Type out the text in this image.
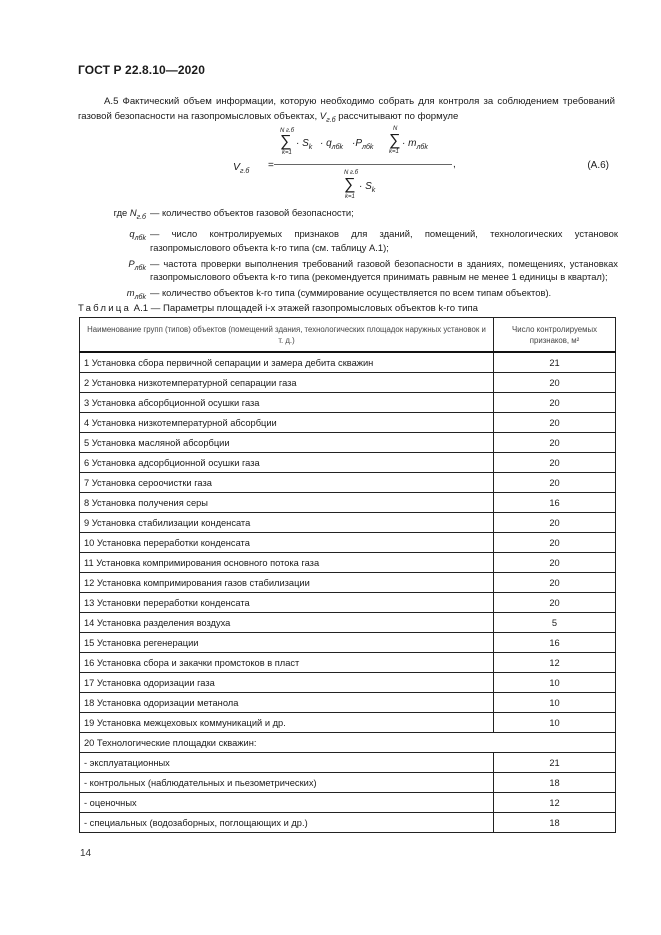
ГОСТ Р 22.8.10—2020
А.5 Фактический объем информации, которую необходимо собрать для контроля за соблюдением требований газовой безопасности на газопромысловых объектах, $V_{г.б}$ рассчитывают по формуле
$V_{г.б}$
=
N г.б
∑
k=1
· $S_k \cdot q_{лбk} \cdot P_{лбk}$
N
∑
k=1
· $m_{лбk}$
,
N г.б
∑
k=1
· $S_k$
(А.6)
где $N_{г.б}$ — количество объектов газовой безопасности;
$q_{лбk}$ — число контролируемых признаков для зданий, помещений, технологических установок газопромыслового объекта k-го типа (см. таблицу А.1);
$P_{лбk}$ — частота проверки выполнения требований газовой безопасности в зданиях, помещениях, установках газопромыслового объекта k-го типа (рекомендуется принимать равным не менее 1 единицы в квартал);
$m_{лбk}$ — количество объектов k-го типа (суммирование осуществляется по всем типам объектов).
Таблица А.1 — Параметры площадей i-х этажей газопромысловых объектов k-го типа
Наименование групп (типов) объектов (помещений здания, технологических площадок наружных установок и т. д.)	Число контролируемых признаков, м²
1 Установка сбора первичной сепарации и замера дебита скважин	21
2 Установка низкотемпературной сепарации газа	20
3 Установка абсорбционной осушки газа	20
4 Установка низкотемпературной абсорбции	20
5 Установка масляной абсорбции	20
6 Установка адсорбционной осушки газа	20
7 Установка сероочистки газа	20
8 Установка получения серы	16
9 Установка стабилизации конденсата	20
10 Установка переработки конденсата	20
11 Установка компримирования основного потока газа	20
12 Установка компримирования газов стабилизации	20
13 Установки переработки конденсата	20
14 Установка разделения воздуха	5
15 Установка регенерации	16
16 Установка сбора и закачки промстоков в пласт	12
17 Установка одоризации газа	10
18 Установка одоризации метанола	10
19 Установка межцеховых коммуникаций и др.	10
20 Технологические площадки скважин:	
- эксплуатационных	21
- контрольных (наблюдательных и пьезометрических)	18
- оценочных	12
- специальных (водозаборных, поглощающих и др.)	18
14
